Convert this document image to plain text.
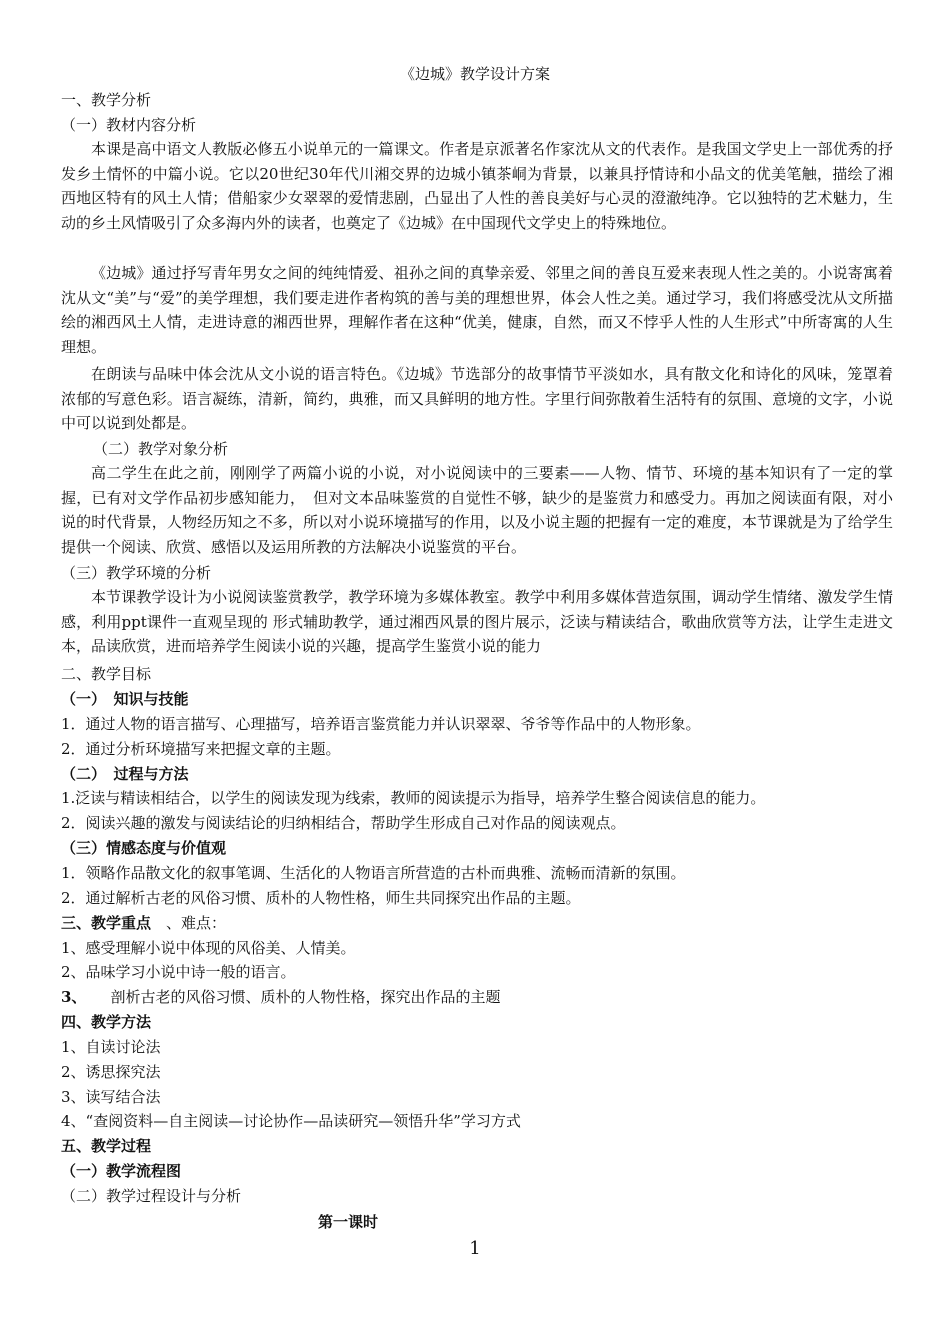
《边城》教学设计方案
一、教学分析
（一）教材内容分析

本课是高中语文人教版必修五小说单元的一篇课文。作者是京派著名作家沈从文的代表作。是我国文学史上一部优秀的抒发乡土情怀的中篇小说。它以20世纪30年代川湘交界的边城小镇茶峒为背景，以兼具抒情诗和小品文的优美笔触，描绘了湘西地区特有的风土人情；借船家少女翠翠的爱情悲剧，凸显出了人性的善良美好与心灵的澄澈纯净。它以独特的艺术魅力，生动的乡土风情吸引了众多海内外的读者，也奠定了《边城》在中国现代文学史上的特殊地位。

《边城》通过抒写青年男女之间的纯纯情爱、祖孙之间的真挚亲爱、邻里之间的善良互爱来表现人性之美的。小说寄寓着沈从文“美”与“爱”的美学理想，我们要走进作者构筑的善与美的理想世界，体会人性之美。通过学习，我们将感受沈从文所描绘的湘西风土人情，走进诗意的湘西世界，理解作者在这种“优美，健康，自然，而又不悖乎人性的人生形式”中所寄寓的人生理想。

在朗读与品味中体会沈从文小说的语言特色。《边城》节选部分的故事情节平淡如水，具有散文化和诗化的风味，笼罩着浓郁的写意色彩。语言凝练，清新，简约，典雅，而又具鲜明的地方性。字里行间弥散着生活特有的氛围、意境的文字，小说中可以说到处都是。

（二）教学对象分析

高二学生在此之前，刚刚学了两篇小说的小说，对小说阅读中的三要素——人物、情节、环境的基本知识有了一定的掌握，已有对文学作品初步感知能力，　但对文本品味鉴赏的自觉性不够，缺少的是鉴赏力和感受力。再加之阅读面有限，对小说的时代背景，人物经历知之不多，所以对小说环境描写的作用，以及小说主题的把握有一定的难度，本节课就是为了给学生提供一个阅读、欣赏、感悟以及运用所教的方法解决小说鉴赏的平台。

（三）教学环境的分析

本节课教学设计为小说阅读鉴赏教学，教学环境为多媒体教室。教学中利用多媒体营造氛围，调动学生情绪、激发学生情感，利用ppt课件一直观呈现的 形式辅助教学，通过湘西风景的图片展示，泛读与精读结合，歌曲欣赏等方法，让学生走进文本，品读欣赏，进而培养学生阅读小说的兴趣，提高学生鉴赏小说的能力

二、教学目标
（一）　知识与技能
1．通过人物的语言描写、心理描写，培养语言鉴赏能力并认识翠翠、爷爷等作品中的人物形象。
2．通过分析环境描写来把握文章的主题。
（二）　过程与方法
1.泛读与精读相结合，以学生的阅读发现为线索，教师的阅读提示为指导，培养学生整合阅读信息的能力。
2．阅读兴趣的激发与阅读结论的归纳相结合，帮助学生形成自己对作品的阅读观点。
（三）情感态度与价值观
1．领略作品散文化的叙事笔调、生活化的人物语言所营造的古朴而典雅、流畅而清新的氛围。
2．通过解析古老的风俗习惯、质朴的人物性格，师生共同探究出作品的主题。
三、教学重点　、难点：
1、感受理解小说中体现的风俗美、人情美。
2、品味学习小说中诗一般的语言。
3、 剖析古老的风俗习惯、质朴的人物性格，探究出作品的主题
四、教学方法
1、自读讨论法
2、诱思探究法
3、读写结合法
4、“查阅资料—自主阅读—讨论协作—品读研究—领悟升华”学习方式
五、教学过程
（一）教学流程图
（二）教学过程设计与分析
第一课时
1
